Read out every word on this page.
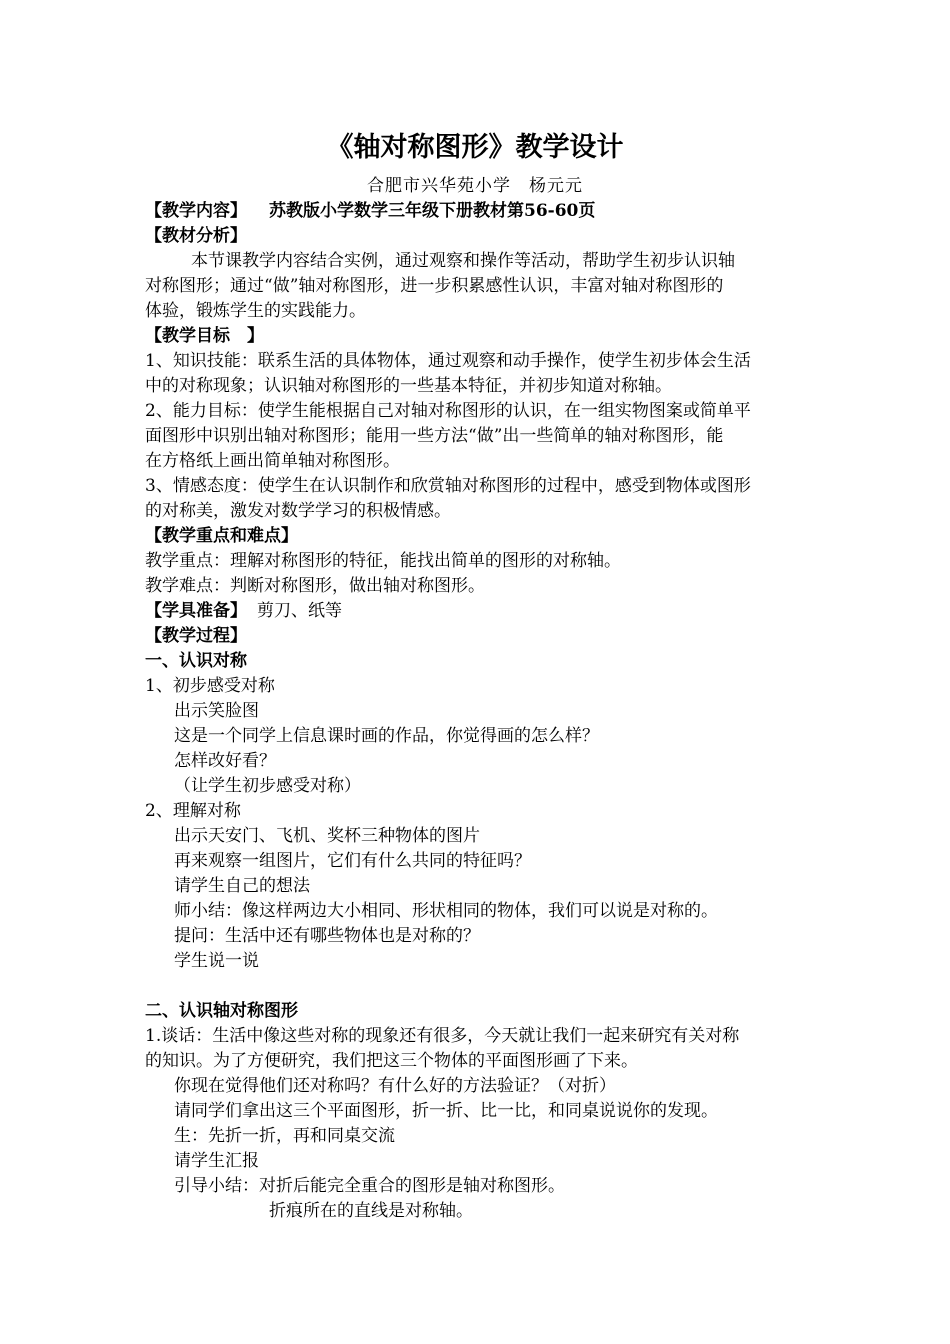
《轴对称图形》教学设计
合肥市兴华苑小学　杨元元
【教学内容】 苏教版小学数学三年级下册教材第56-60页
【教材分析】
本节课教学内容结合实例，通过观察和操作等活动，帮助学生初步认识轴
对称图形；通过“做”轴对称图形，进一步积累感性认识，丰富对轴对称图形的
体验，锻炼学生的实践能力。
【教学目标　】
1、知识技能：联系生活的具体物体，通过观察和动手操作，使学生初步体会生活
中的对称现象；认识轴对称图形的一些基本特征，并初步知道对称轴。
2、能力目标：使学生能根据自己对轴对称图形的认识，在一组实物图案或简单平
面图形中识别出轴对称图形；能用一些方法“做”出一些简单的轴对称图形，能
在方格纸上画出简单轴对称图形。
3、情感态度：使学生在认识制作和欣赏轴对称图形的过程中，感受到物体或图形
的对称美，激发对数学学习的积极情感。
【教学重点和难点】
教学重点：理解对称图形的特征，能找出简单的图形的对称轴。
教学难点：判断对称图形，做出轴对称图形。
【学具准备】 剪刀、纸等
【教学过程】
一、认识对称
1、初步感受对称
出示笑脸图
这是一个同学上信息课时画的作品，你觉得画的怎么样？
怎样改好看？
（让学生初步感受对称）
2、理解对称
出示天安门、飞机、奖杯三种物体的图片
再来观察一组图片，它们有什么共同的特征吗？
请学生自己的想法
师小结：像这样两边大小相同、形状相同的物体，我们可以说是对称的。
提问：生活中还有哪些物体也是对称的？
学生说一说
二、认识轴对称图形
1.谈话：生活中像这些对称的现象还有很多，今天就让我们一起来研究有关对称
的知识。为了方便研究，我们把这三个物体的平面图形画了下来。
你现在觉得他们还对称吗？有什么好的方法验证？（对折）
请同学们拿出这三个平面图形，折一折、比一比，和同桌说说你的发现。
生：先折一折，再和同桌交流
请学生汇报
引导小结：对折后能完全重合的图形是轴对称图形。
折痕所在的直线是对称轴。
